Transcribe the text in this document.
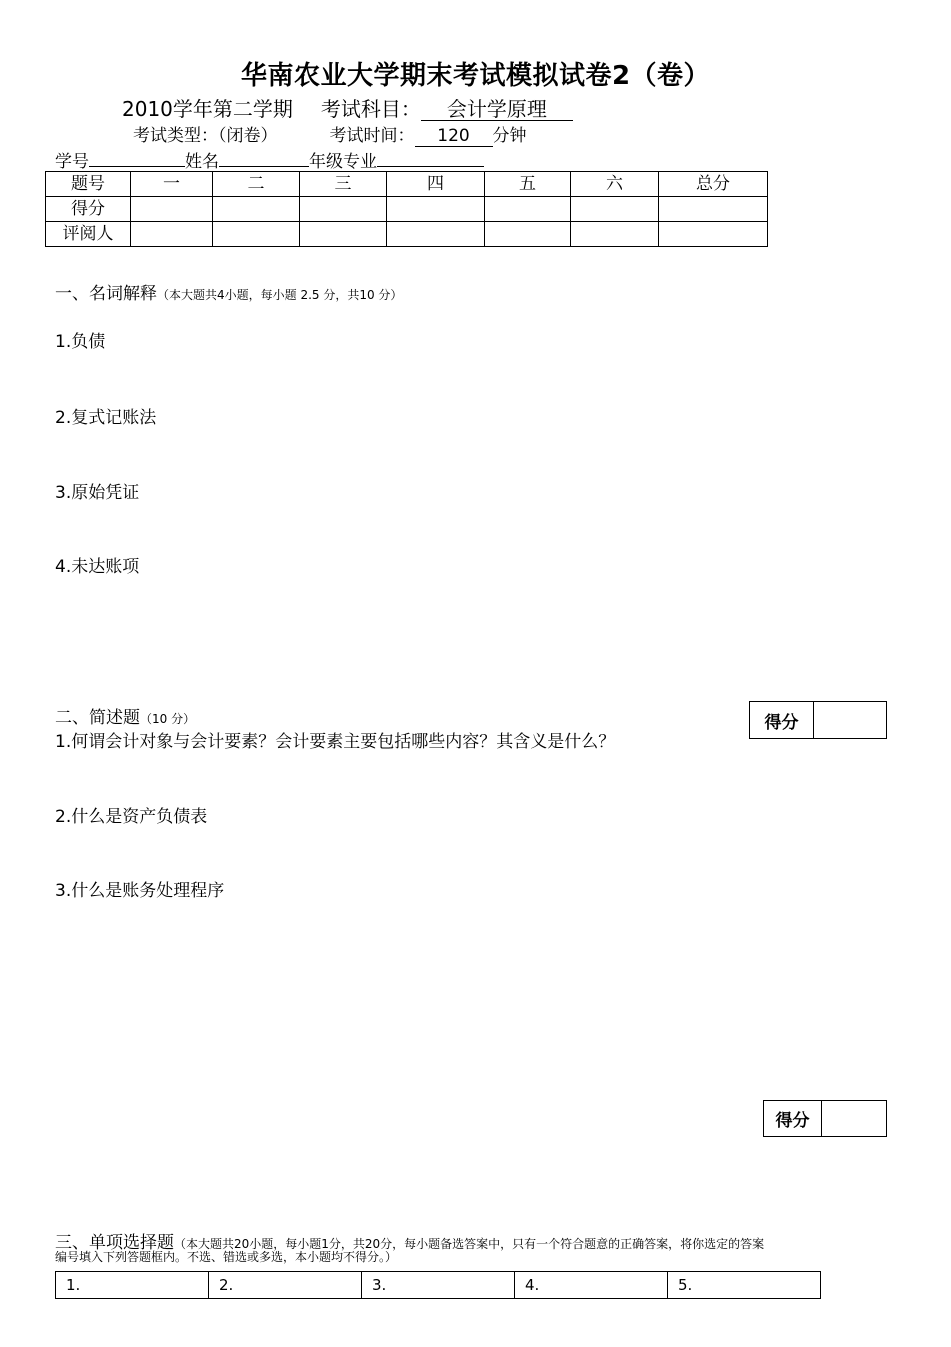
华南农业大学期末考试模拟试卷2（卷）
2010学年第二学期 考试科目： 会计学原理
考试类型：（闭卷）	考试时间： 120 分钟
学号	姓名	年级专业
题号	一	二	三	四	五	六	总分
得分							
评阅人							
一、名词解释（本大题共4小题，每小题 2.5 分，共10 分）
1.负债
2.复式记账法
3.原始凭证
4.未达账项
二、简述题（10 分）	得分
1.何谓会计对象与会计要素？会计要素主要包括哪些内容？其含义是什么？
2.什么是资产负债表
3.什么是账务处理程序
得分
三、单项选择题（本大题共20小题，每小题1分，共20分，每小题备选答案中，只有一个符合题意的正确答案，将你选定的答案
编号填入下列答题框内。不选、错选或多选，本小题均不得分。）
1.	2.	3.	4.	5.
